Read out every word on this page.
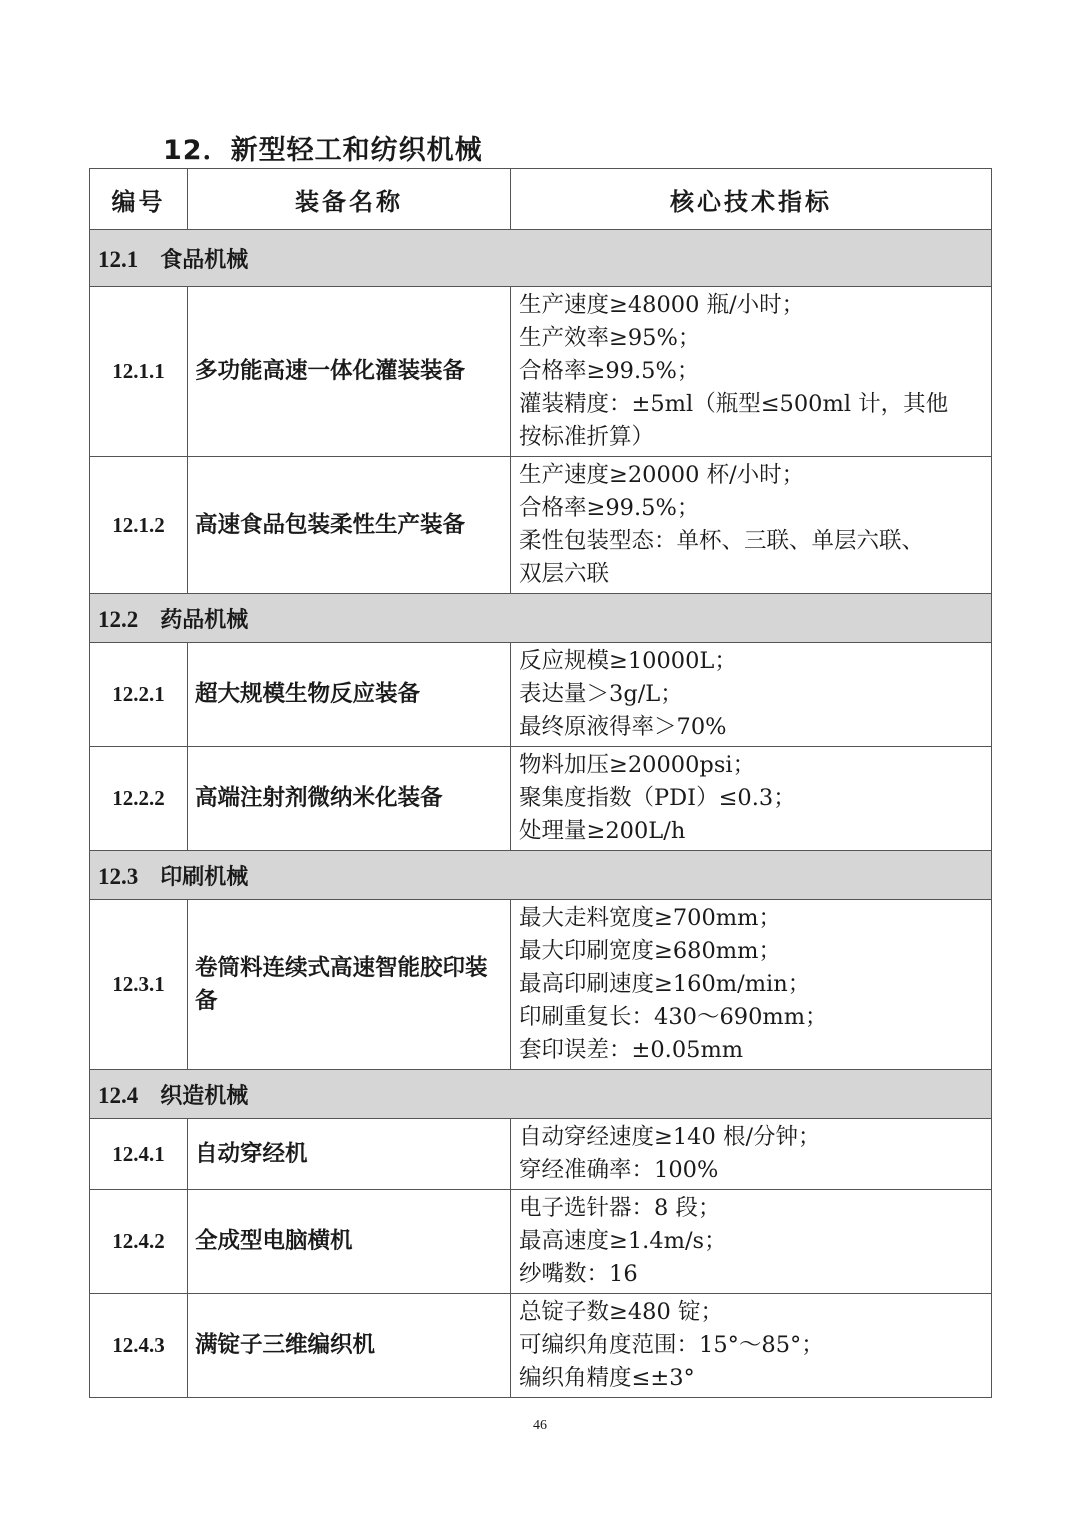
12．新型轻工和纺织机械
编号	装备名称	核心技术指标
12.1 食品机械		
12.1.1	多功能高速一体化灌装装备	生产速度≥48000 瓶/小时；
生产效率≥95%；
合格率≥99.5%；
灌装精度：±5ml（瓶型≤500ml 计，其他
按标准折算）

12.1.2	高速食品包装柔性生产装备	生产速度≥20000 杯/小时；
合格率≥99.5%；
柔性包装型态：单杯、三联、单层六联、
双层六联

12.2 药品机械		
12.2.1	超大规模生物反应装备	反应规模≥10000L；
表达量＞3g/L；
最终原液得率＞70%

12.2.2	高端注射剂微纳米化装备	物料加压≥20000psi；
聚集度指数（PDI）≤0.3；
处理量≥200L/h

12.3 印刷机械		
12.3.1	卷筒料连续式高速智能胶印装备	最大走料宽度≥700mm；
最大印刷宽度≥680mm；
最高印刷速度≥160m/min；
印刷重复长：430～690mm；
套印误差：±0.05mm

12.4 织造机械		
12.4.1	自动穿经机	自动穿经速度≥140 根/分钟；
穿经准确率：100%

12.4.2	全成型电脑横机	电子选针器：8 段；
最高速度≥1.4m/s；
纱嘴数：16

12.4.3	满锭子三维编织机	总锭子数≥480 锭；
可编织角度范围：15°～85°；
编织角精度≤±3°
46
